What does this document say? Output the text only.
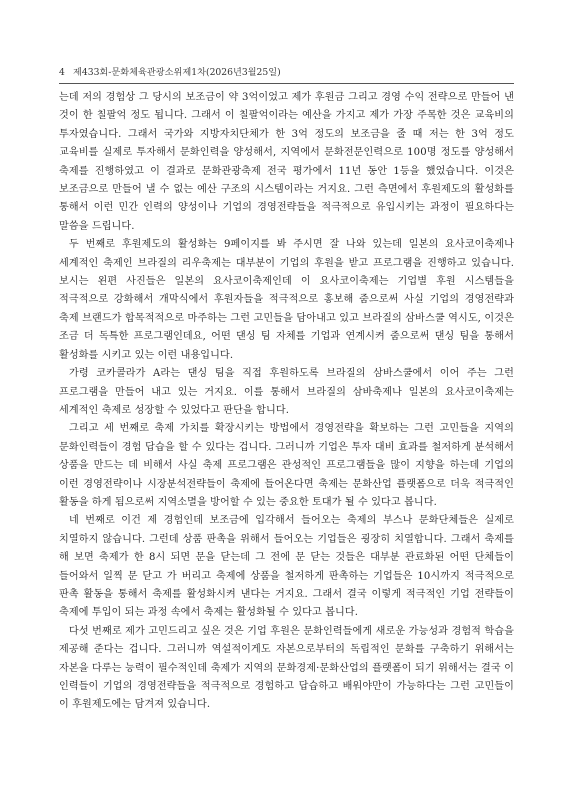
4 제433회-문화체육관광소위제1차(2026년3월25일)

는데 저의 경험상 그 당시의 보조금이 약 3억이었고 제가 후원금 그리고 경영 수익 전략으로 만들어 낸 것이 한 칠팔억 정도 됩니다. 그래서 이 칠팔억이라는 예산을 가지고 제가 가장 주목한 것은 교육비의 투자였습니다. 그래서 국가와 지방자치단체가 한 3억 정도의 보조금을 줄 때 저는 한 3억 정도 교육비를 실제로 투자해서 문화인력을 양성해서, 지역에서 문화전문인력으로 100명 정도를 양성해서 축제를 진행하였고 이 결과로 문화관광축제 전국 평가에서 11년 동안 1등을 했었습니다. 이것은 보조금으로 만들어 낼 수 없는 예산 구조의 시스템이라는 거지요. 그런 측면에서 후원제도의 활성화를 통해서 이런 민간 인력의 양성이나 기업의 경영전략들을 적극적으로 유입시키는 과정이 필요하다는 말씀을 드립니다.

두 번째로 후원제도의 활성화는 9페이지를 봐 주시면 잘 나와 있는데 일본의 요사코이축제나 세계적인 축제인 브라질의 리우축제는 대부분이 기업의 후원을 받고 프로그램을 진행하고 있습니다. 보시는 왼편 사진들은 일본의 요사코이축제인데 이 요사코이축제는 기업별 후원 시스템들을 적극적으로 강화해서 개막식에서 후원자들을 적극적으로 홍보해 줌으로써 사실 기업의 경영전략과 축제 브랜드가 합목적적으로 마주하는 그런 고민들을 담아내고 있고 브라질의 삼바스쿨 역시도, 이것은 조금 더 독특한 프로그램인데요, 어떤 댄싱 팀 자체를 기업과 연계시켜 줌으로써 댄싱 팀을 통해서 활성화를 시키고 있는 이런 내용입니다.

가령 코카콜라가 A라는 댄싱 팀을 직접 후원하도록 브라질의 삼바스쿨에서 이어 주는 그런 프로그램을 만들어 내고 있는 거지요. 이를 통해서 브라질의 삼바축제나 일본의 요사코이축제는 세계적인 축제로 성장할 수 있었다고 판단을 합니다.

그리고 세 번째로 축제 가치를 확장시키는 방법에서 경영전략을 확보하는 그런 고민들을 지역의 문화인력들이 경험 답습을 할 수 있다는 겁니다. 그러니까 기업은 투자 대비 효과를 철저하게 분석해서 상품을 만드는 데 비해서 사실 축제 프로그램은 관성적인 프로그램들을 많이 지향을 하는데 기업의 이런 경영전략이나 시장분석전략들이 축제에 들어온다면 축제는 문화산업 플랫폼으로 더욱 적극적인 활동을 하게 됨으로써 지역소멸을 방어할 수 있는 중요한 토대가 될 수 있다고 봅니다.

네 번째로 이건 제 경험인데 보조금에 입각해서 들어오는 축제의 부스나 문화단체들은 실제로 치열하지 않습니다. 그런데 상품 판촉을 위해서 들어오는 기업들은 굉장히 치열합니다. 그래서 축제를 해 보면 축제가 한 8시 되면 문을 닫는데 그 전에 문 닫는 것들은 대부분 관료화된 어떤 단체들이 들어와서 일찍 문 닫고 가 버리고 축제에 상품을 철저하게 판촉하는 기업들은 10시까지 적극적으로 판촉 활동을 통해서 축제를 활성화시켜 낸다는 거지요. 그래서 결국 이렇게 적극적인 기업 전략들이 축제에 투입이 되는 과정 속에서 축제는 활성화될 수 있다고 봅니다.

다섯 번째로 제가 고민드리고 싶은 것은 기업 후원은 문화인력들에게 새로운 가능성과 경험적 학습을 제공해 준다는 겁니다. 그러니까 역설적이게도 자본으로부터의 독립적인 문화를 구축하기 위해서는 자본을 다루는 능력이 필수적인데 축제가 지역의 문화경제·문화산업의 플랫폼이 되기 위해서는 결국 이 인력들이 기업의 경영전략들을 적극적으로 경험하고 답습하고 배워야만이 가능하다는 그런 고민들이 이 후원제도에는 담겨져 있습니다.
